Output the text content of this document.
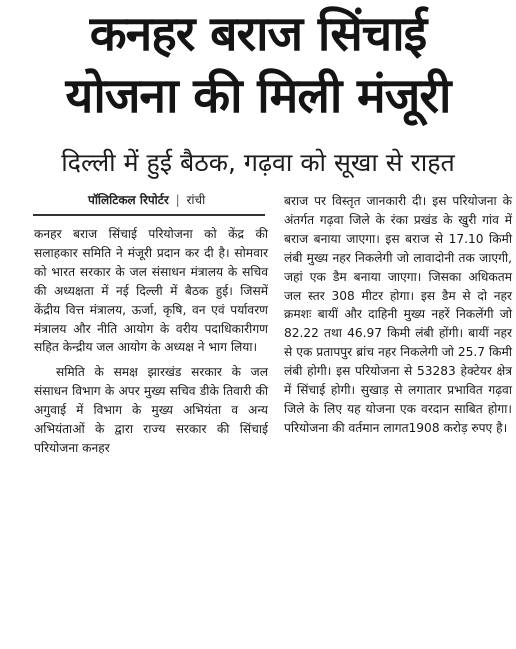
कनहर बराज सिंचाई
योजना की मिली मंजूरी
दिल्ली में हुई बैठक, गढ़वा को सूखा से राहत
पॉलिटिकल रिपोर्टर | रांची

कनहर बराज सिंचाई परियोजना को केंद्र की सलाहकार समिति ने मंजूरी प्रदान कर दी है। सोमवार को भारत सरकार के जल संसाधन मंत्रालय के सचिव की अध्यक्षता में नई दिल्ली में बैठक हुई। जिसमें केंद्रीय वित्त मंत्रालय, ऊर्जा, कृषि, वन एवं पर्यावरण मंत्रालय और नीति आयोग के वरीय पदाधिकारीगण सहित केन्द्रीय जल आयोग के अध्यक्ष ने भाग लिया।

समिति के समक्ष झारखंड सरकार के जल संसाधन विभाग के अपर मुख्य सचिव डीके तिवारी की अगुवाई में विभाग के मुख्य अभियंता व अन्य अभियंताओं के द्वारा राज्य सरकार की सिंचाई परियोजना कनहर

बराज पर विस्तृत जानकारी दी। इस परियोजना के अंतर्गत गढ़वा जिले के रंका प्रखंड के खुरी गांव में बराज बनाया जाएगा। इस बराज से 17.10 किमी लंबी मुख्य नहर निकलेगी जो लावादोनी तक जाएगी, जहां एक डैम बनाया जाएगा। जिसका अधिकतम जल स्तर 308 मीटर होगा। इस डैम से दो नहर क्रमशः बायीं और दाहिनी मुख्य नहरें निकलेंगी जो 82.22 तथा 46.97 किमी लंबी होंगी। बायीं नहर से एक प्रतापपुर ब्रांच नहर निकलेगी जो 25.7 किमी लंबी होगी। इस परियोजना से 53283 हेक्टेयर क्षेत्र में सिंचाई होगी। सुखाड़ से लगातार प्रभावित गढ़वा जिले के लिए यह योजना एक वरदान साबित होगा। परियोजना की वर्तमान लागत1908 करोड़ रुपए है।
